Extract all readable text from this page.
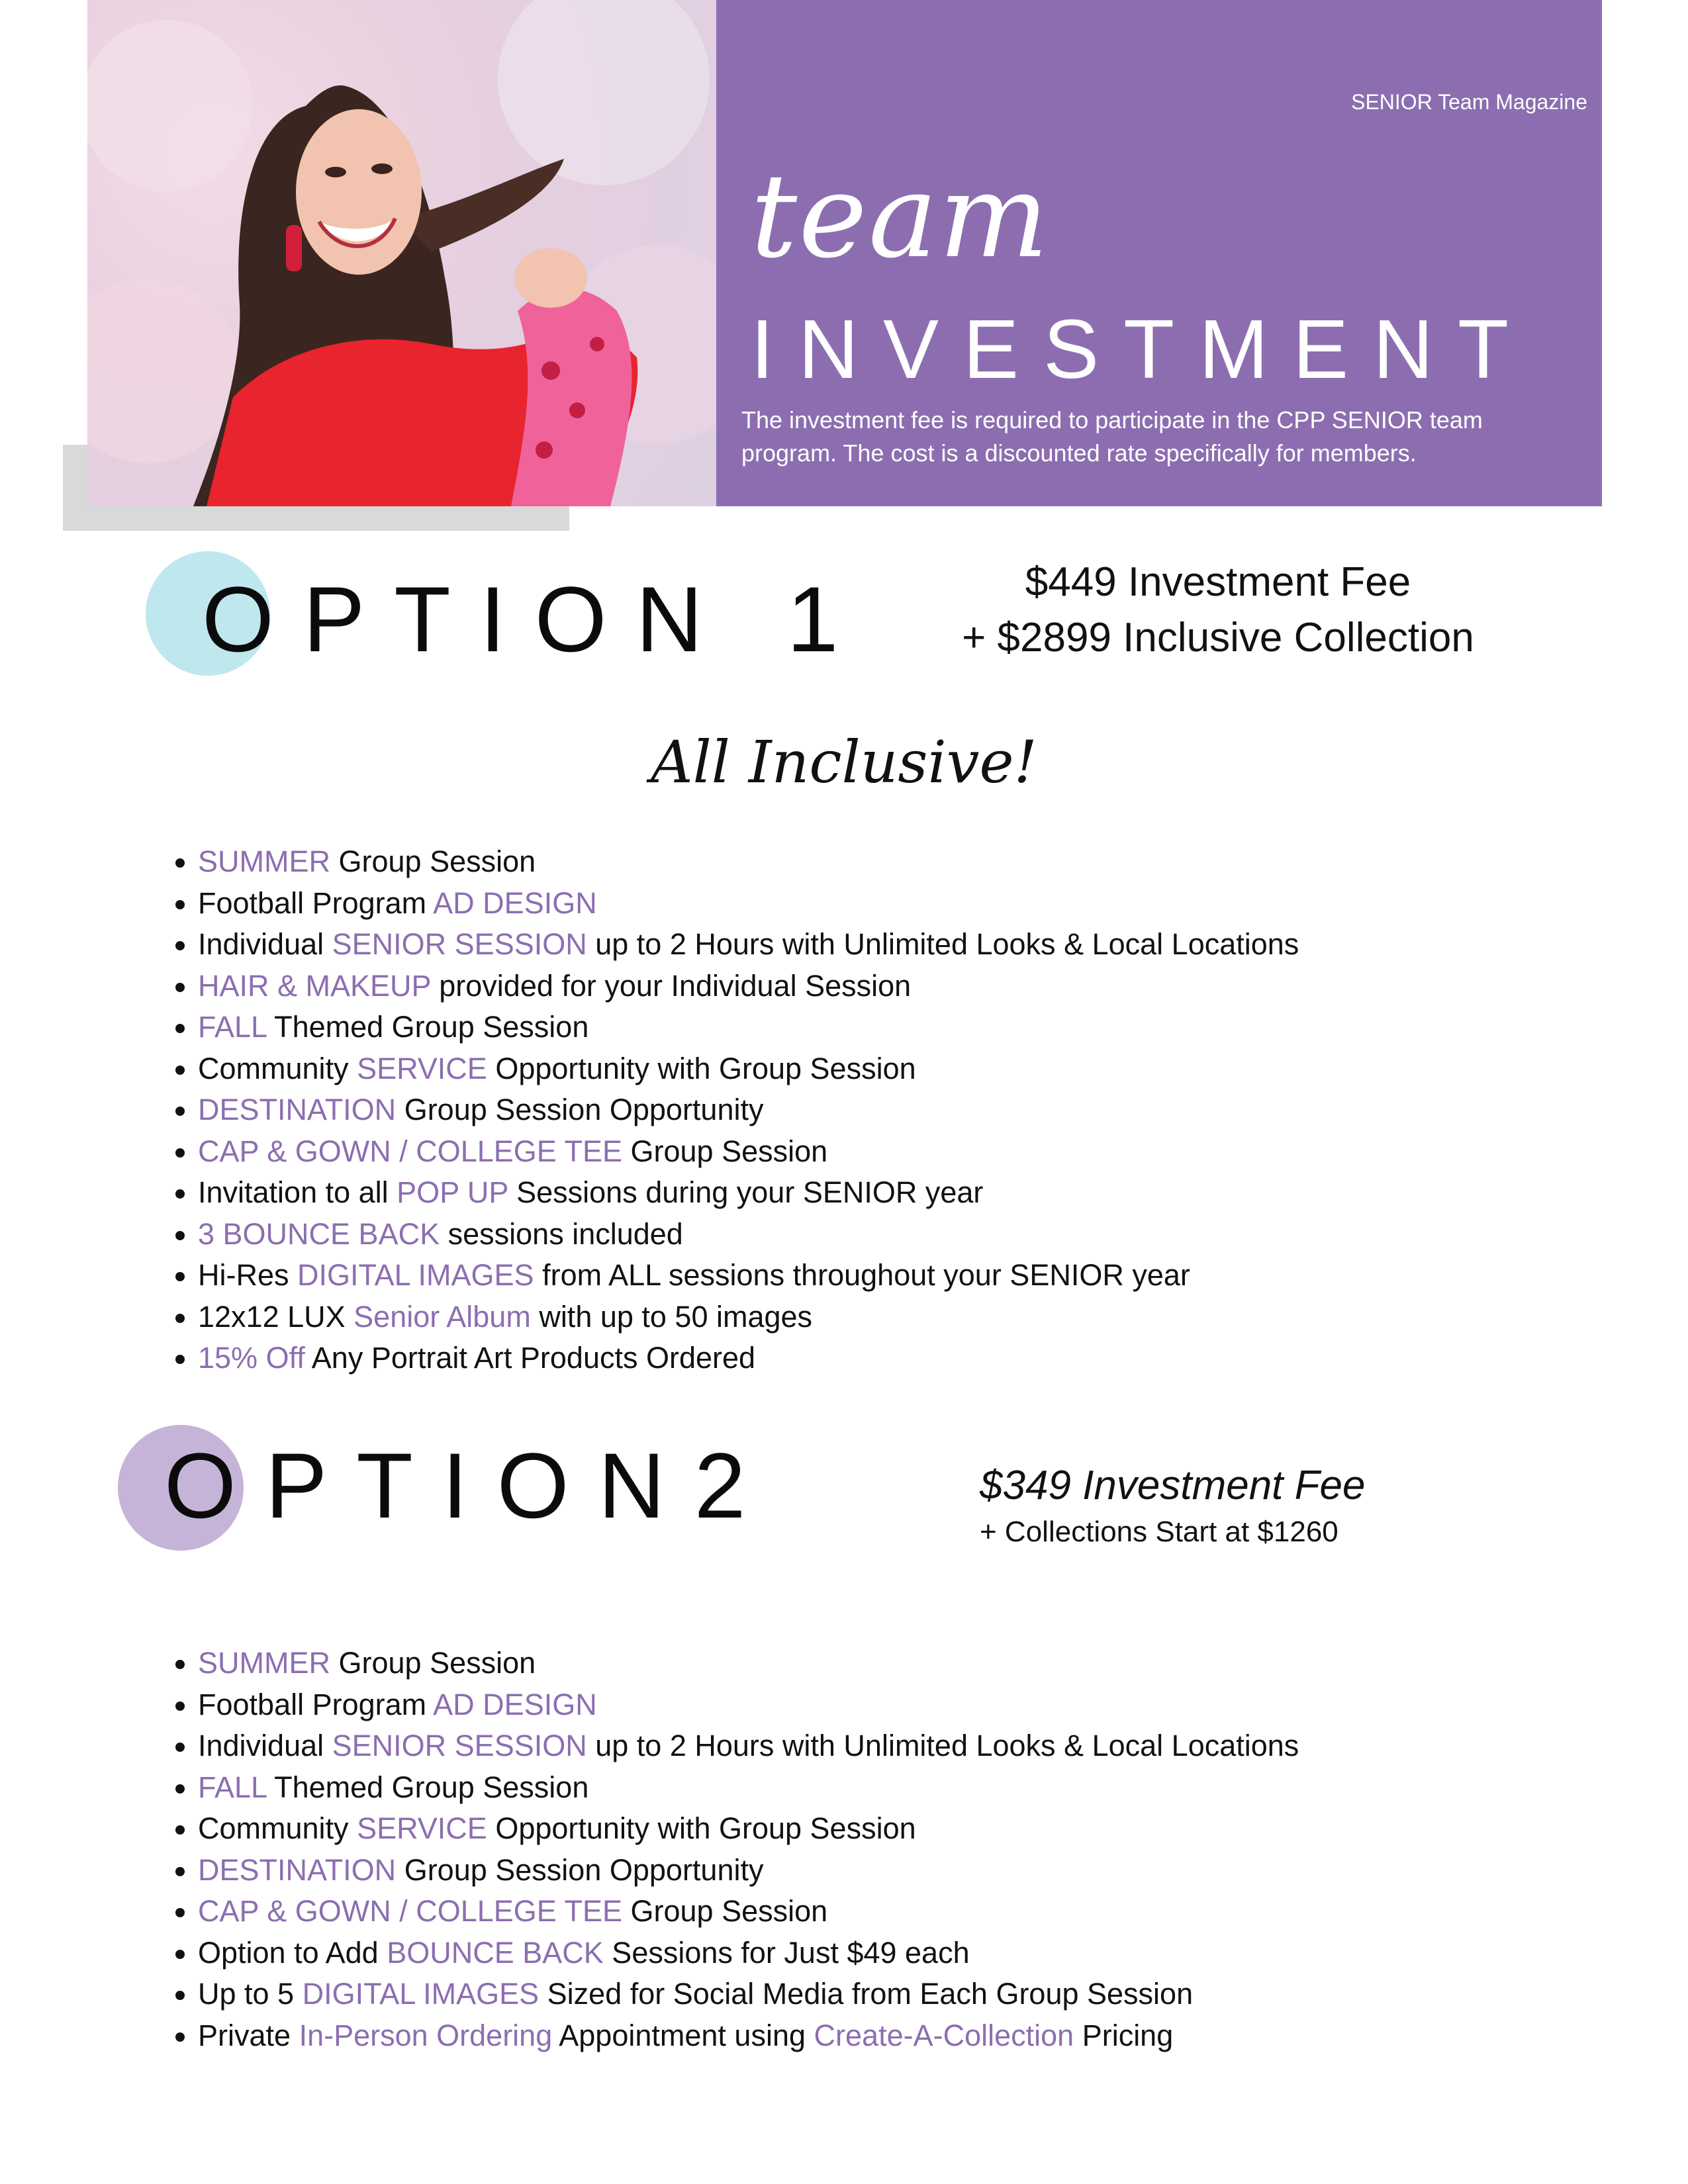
SENIOR Team Magazine
team
INVESTMENT
The investment fee is required to participate in the CPP SENIOR team program. The cost is a discounted rate specifically for members.
OPTION 1	$449 Investment Fee
+ $2899 Inclusive Collection
All Inclusive!
• SUMMER Group Session
• Football Program AD DESIGN
• Individual SENIOR SESSION up to 2 Hours with Unlimited Looks & Local Locations
• HAIR & MAKEUP provided for your Individual Session
• FALL Themed Group Session
• Community SERVICE Opportunity with Group Session
• DESTINATION Group Session Opportunity
• CAP & GOWN / COLLEGE TEE Group Session
• Invitation to all POP UP Sessions during your SENIOR year
• 3 BOUNCE BACK sessions included
• Hi-Res DIGITAL IMAGES from ALL sessions throughout your SENIOR year
• 12x12 LUX Senior Album with up to 50 images
• 15% Off Any Portrait Art Products Ordered
OPTION2	$349 Investment Fee
+ Collections Start at $1260
• SUMMER Group Session
• Football Program AD DESIGN
• Individual SENIOR SESSION up to 2 Hours with Unlimited Looks & Local Locations
• FALL Themed Group Session
• Community SERVICE Opportunity with Group Session
• DESTINATION Group Session Opportunity
• CAP & GOWN / COLLEGE TEE Group Session
• Option to Add BOUNCE BACK Sessions for Just $49 each
• Up to 5 DIGITAL IMAGES Sized for Social Media from Each Group Session
• Private In-Person Ordering Appointment using Create-A-Collection Pricing
